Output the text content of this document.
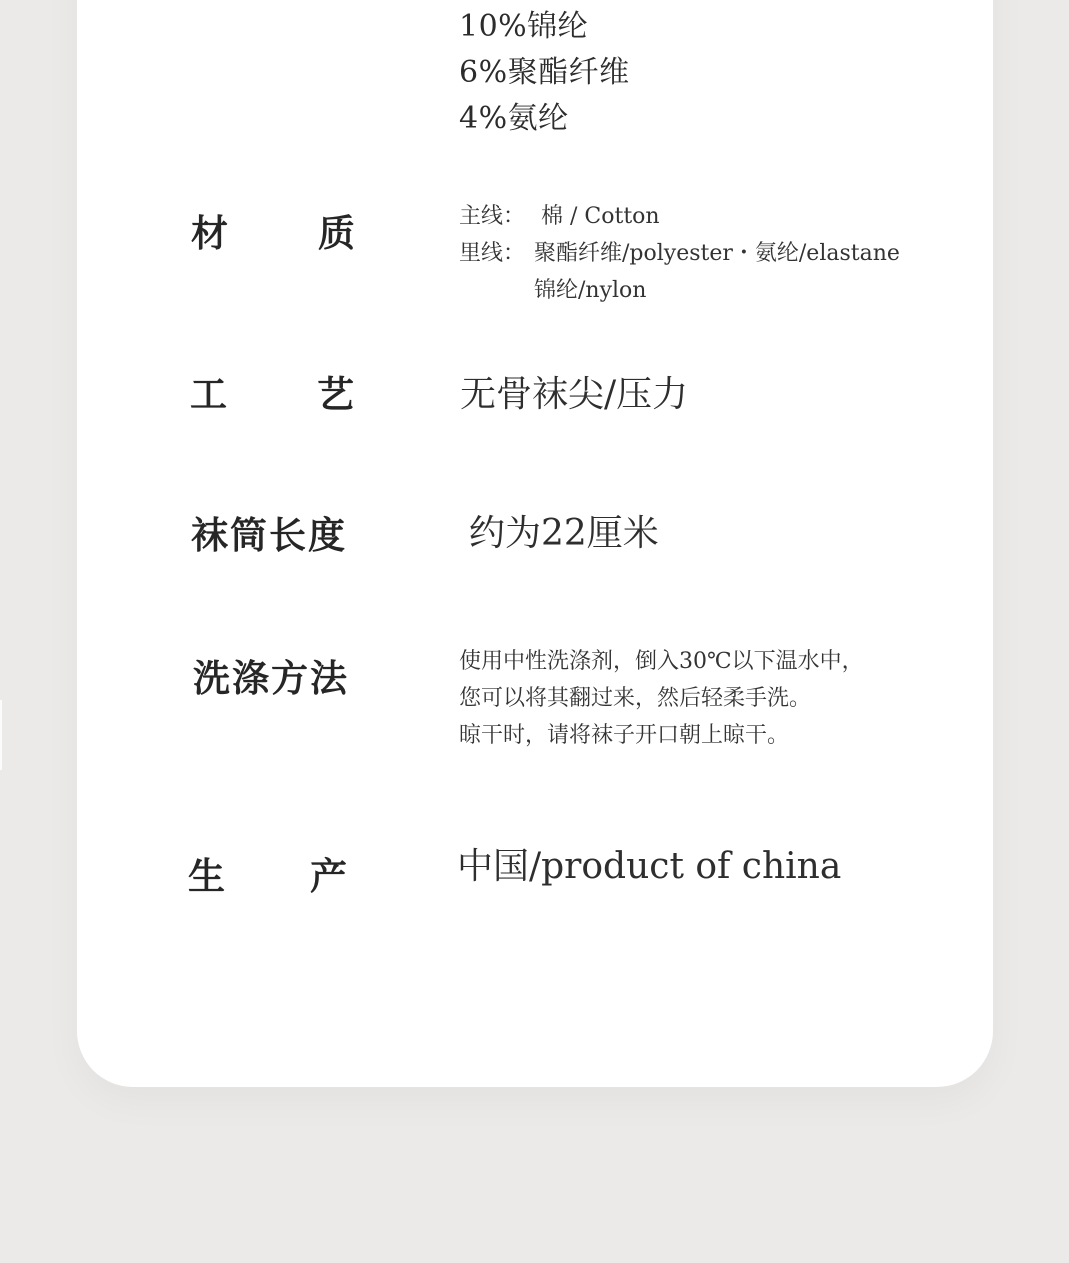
10%锦纶
6%聚酯纤维
4%氨纶
材 质	主线： 棉 / Cotton
里线： 聚酯纤维/polyester・氨纶/elastane
锦纶/nylon
工 艺	无骨袜尖/压力
袜筒长度	约为22厘米
洗涤方法	使用中性洗涤剂，倒入30℃以下温水中，
您可以将其翻过来，然后轻柔手洗。
晾干时，请将袜子开口朝上晾干。
生 产	中国/product of china
